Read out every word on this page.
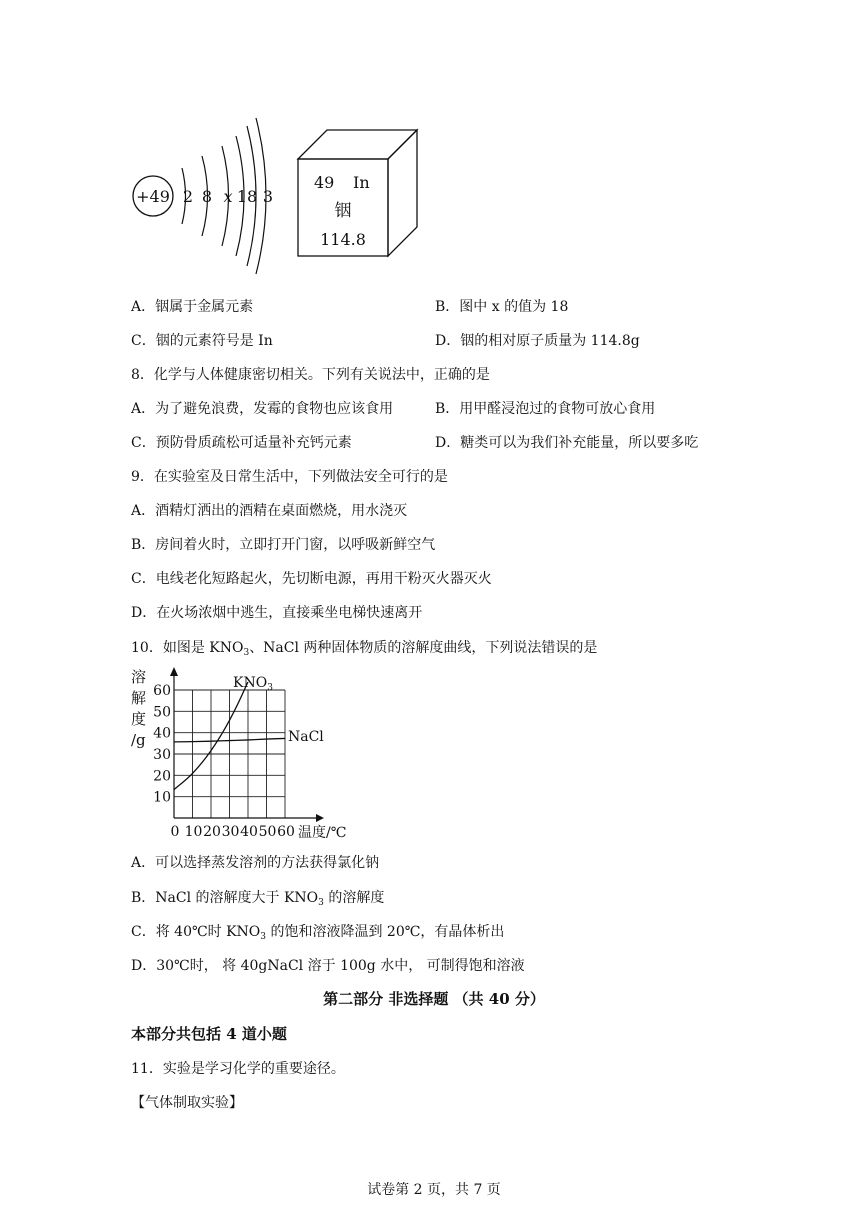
+49 2 8 x 18 3
49 In
铟
114.8
A．铟属于金属元素	B．图中 x 的值为 18
C．铟的元素符号是 In	D．铟的相对原子质量为 114.8g
8．化学与人体健康密切相关。下列有关说法中，正确的是
A．为了避免浪费，发霉的食物也应该食用	B．用甲醛浸泡过的食物可放心食用
C．预防骨质疏松可适量补充钙元素	D．糖类可以为我们补充能量，所以要多吃
9．在实验室及日常生活中，下列做法安全可行的是
A．酒精灯洒出的酒精在桌面燃烧，用水浇灭
B．房间着火时，立即打开门窗，以呼吸新鲜空气
C．电线老化短路起火，先切断电源，再用干粉灭火器灭火
D．在火场浓烟中逃生，直接乘坐电梯快速离开
10．如图是 $KNO_3$、NaCl 两种固体物质的溶解度曲线，下列说法错误的是
10
20
30
40
50
60
0 10 20 30 40 50 60 温度/℃
溶
解
度
/g
$KNO_3$
NaCl
A．可以选择蒸发溶剂的方法获得氯化钠
B．NaCl 的溶解度大于 $KNO_3$ 的溶解度
C．将 40℃时 $KNO_3$ 的饱和溶液降温到 20℃，有晶体析出
D．30℃时， 将 40gNaCl 溶于 100g 水中， 可制得饱和溶液
第二部分 非选择题 （共 40 分）
本部分共包括 4 道小题
11．实验是学习化学的重要途径。
【气体制取实验】
试卷第 2 页，共 7 页
